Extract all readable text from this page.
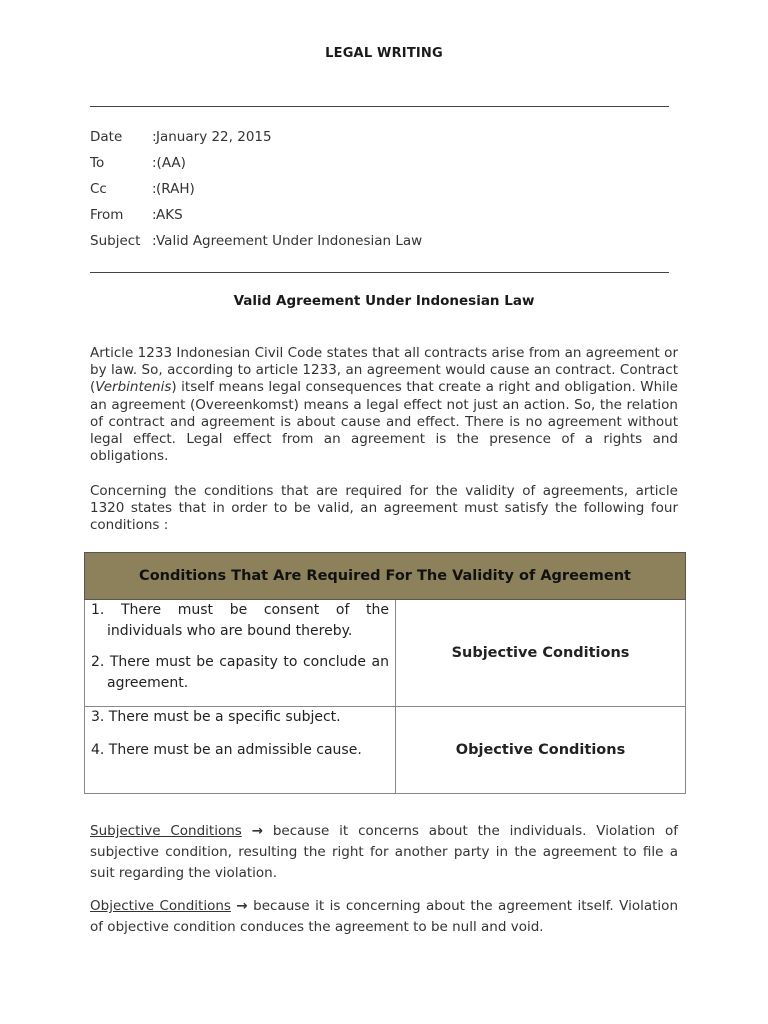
LEGAL WRITING
Date	: January 22, 2015
To	:(AA)
Cc	: (RAH)
From	: AKS
Subject : Valid Agreement Under Indonesian Law
Valid Agreement Under Indonesian Law

Article 1233 Indonesian Civil Code states that all contracts arise from an agreement or by law. So, according to article 1233, an agreement would cause an contract. Contract (Verbintenis) itself means legal consequences that create a right and obligation. While an agreement (Overeenkomst) means a legal effect not just an action. So, the relation of contract and agreement is about cause and effect. There is no agreement without legal effect. Legal effect from an agreement is the presence of a rights and obligations.

Concerning the conditions that are required for the validity of agreements, article 1320 states that in order to be valid, an agreement must satisfy the following four conditions :

Conditions That Are Required For The Validity of Agreement	

1. There must be consent of the individuals who are bound thereby.

2. There must be capasity to conclude an agreement.	Subjective Conditions

3. There must be a specific subject.

4. There must be an admissible cause.	Objective Conditions

Subjective Conditions → because it concerns about the individuals. Violation of subjective condition, resulting the right for another party in the agreement to file a suit regarding the violation.

Objective Conditions → because it is concerning about the agreement itself. Violation of objective condition conduces the agreement to be null and void.
